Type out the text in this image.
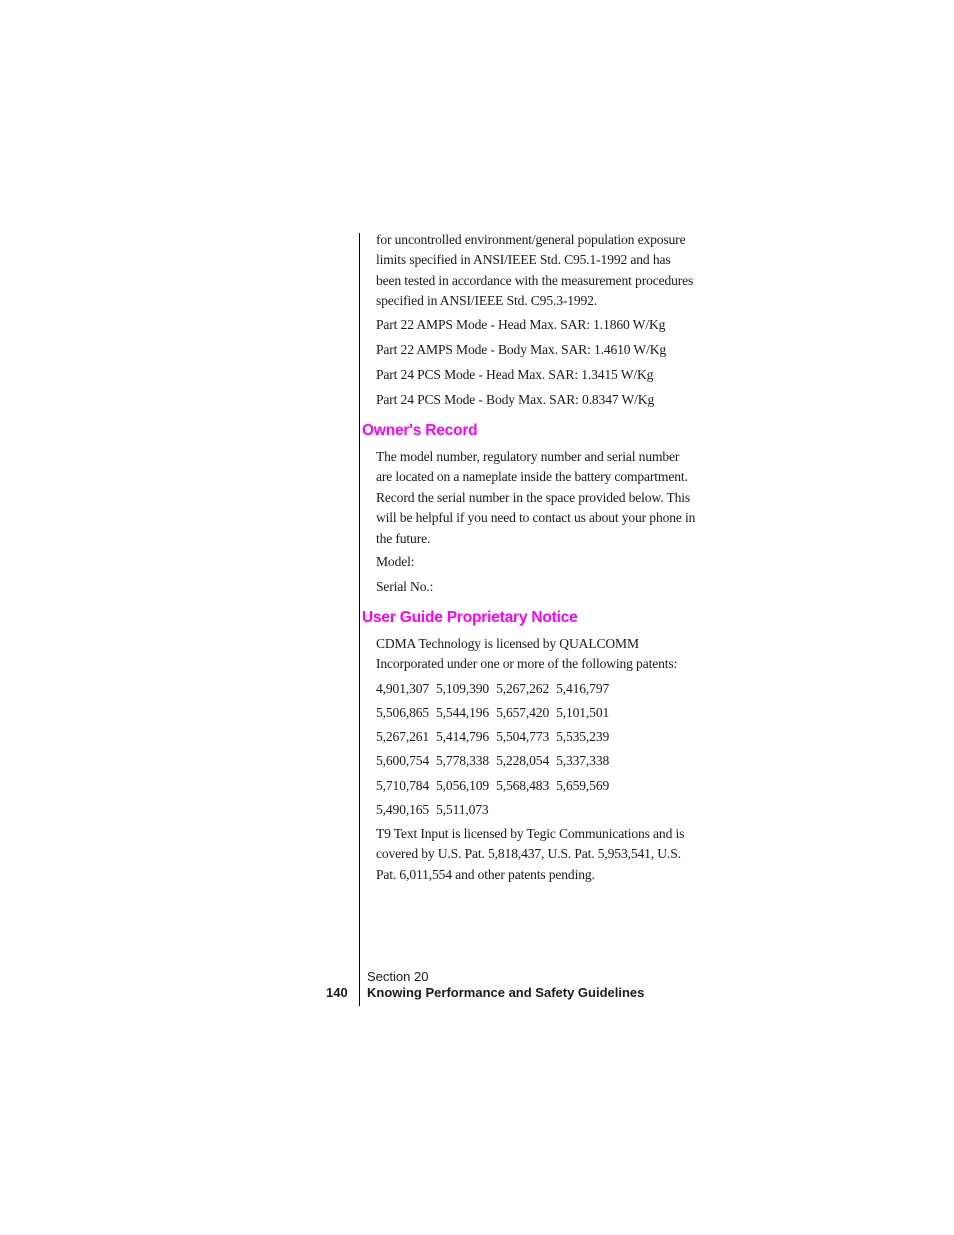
for uncontrolled environment/general population exposure limits specified in ANSI/IEEE Std. C95.1-1992 and has been tested in accordance with the measurement procedures specified in ANSI/IEEE Std. C95.3-1992.

Part 22 AMPS Mode - Head Max. SAR: 1.1860 W/Kg

Part 22 AMPS Mode - Body Max. SAR: 1.4610 W/Kg

Part 24 PCS Mode - Head Max. SAR: 1.3415 W/Kg

Part 24 PCS Mode - Body Max. SAR: 0.8347 W/Kg

Owner's Record

The model number, regulatory number and serial number are located on a nameplate inside the battery compartment. Record the serial number in the space provided below. This will be helpful if you need to contact us about your phone in the future.

Model:

Serial No.:

User Guide Proprietary Notice

CDMA Technology is licensed by QUALCOMM Incorporated under one or more of the following patents:

4,901,307 5,109,390 5,267,262 5,416,797
5,506,865 5,544,196 5,657,420 5,101,501
5,267,261 5,414,796 5,504,773 5,535,239
5,600,754 5,778,338 5,228,054 5,337,338
5,710,784 5,056,109 5,568,483 5,659,569
5,490,165 5,511,073

T9 Text Input is licensed by Tegic Communications and is covered by U.S. Pat. 5,818,437, U.S. Pat. 5,953,541, U.S. Pat. 6,011,554 and other patents pending.

140
Section 20
Knowing Performance and Safety Guidelines
